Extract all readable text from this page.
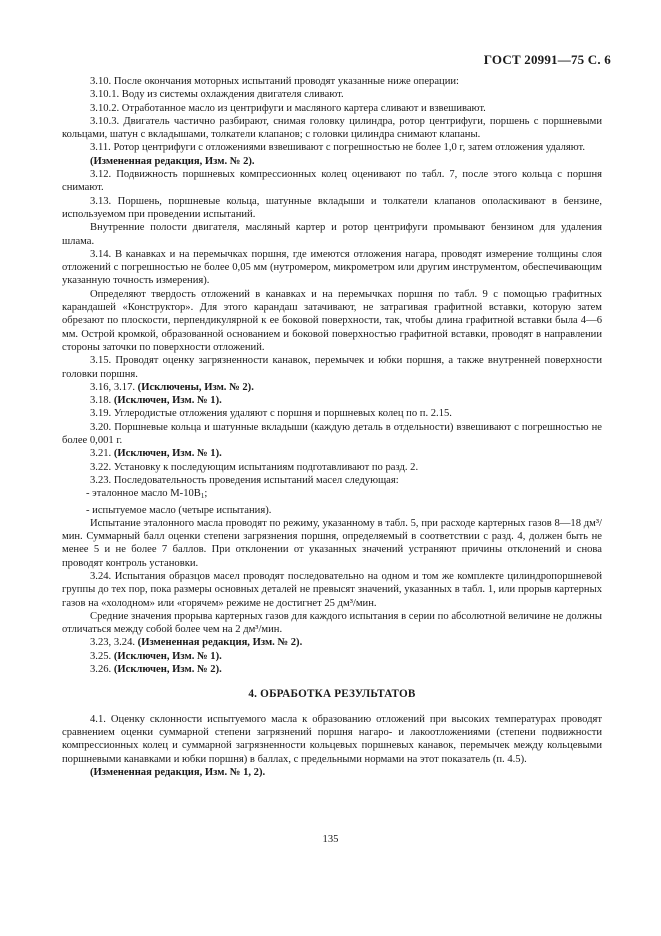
ГОСТ 20991—75 С. 6

3.10. После окончания моторных испытаний проводят указанные ниже операции:

3.10.1. Воду из системы охлаждения двигателя сливают.

3.10.2. Отработанное масло из центрифуги и масляного картера сливают и взвешивают.

3.10.3. Двигатель частично разбирают, снимая головку цилиндра, ротор центрифуги, поршень с поршневыми кольцами, шатун с вкладышами, толкатели клапанов; с головки цилиндра снимают клапаны.

3.11. Ротор центрифуги с отложениями взвешивают с погрешностью не более 1,0 г, затем отложения удаляют.

(Измененная редакция, Изм. № 2).

3.12. Подвижность поршневых компрессионных колец оценивают по табл. 7, после этого кольца с поршня снимают.

3.13. Поршень, поршневые кольца, шатунные вкладыши и толкатели клапанов ополаскивают в бензине, используемом при проведении испытаний.

Внутренние полости двигателя, масляный картер и ротор центрифуги промывают бензином для удаления шлама.

3.14. В канавках и на перемычках поршня, где имеются отложения нагара, проводят измерение толщины слоя отложений с погрешностью не более 0,05 мм (нутромером, микрометром или другим инструментом, обеспечивающим указанную точность измерения).

Определяют твердость отложений в канавках и на перемычках поршня по табл. 9 с помощью графитных карандашей «Конструктор». Для этого карандаш затачивают, не затрагивая графитной вставки, которую затем обрезают по плоскости, перпендикулярной к ее боковой поверхности, так, чтобы длина графитной вставки была 4—6 мм. Острой кромкой, образованной основанием и боковой поверхностью графитной вставки, проводят в направлении стороны заточки по поверхности отложений.

3.15. Проводят оценку загрязненности канавок, перемычек и юбки поршня, а также внутренней поверхности головки поршня.

3.16, 3.17. (Исключены, Изм. № 2).

3.18. (Исключен, Изм. № 1).

3.19. Углеродистые отложения удаляют с поршня и поршневых колец по п. 2.15.

3.20. Поршневые кольца и шатунные вкладыши (каждую деталь в отдельности) взвешивают с погрешностью не более 0,001 г.

3.21. (Исключен, Изм. № 1).

3.22. Установку к последующим испытаниям подготавливают по разд. 2.

3.23. Последовательность проведения испытаний масел следующая:

- эталонное масло $М-10В_1$;

- испытуемое масло (четыре испытания).

Испытание эталонного масла проводят по режиму, указанному в табл. 5, при расходе картерных газов 8—18 дм³/мин. Суммарный балл оценки степени загрязнения поршня, определяемый в соответствии с разд. 4, должен быть не менее 5 и не более 7 баллов. При отклонении от указанных значений устраняют причины отклонений и снова проводят контроль установки.

3.24. Испытания образцов масел проводят последовательно на одном и том же комплекте цилиндропоршневой группы до тех пор, пока размеры основных деталей не превысят значений, указанных в табл. 1, или прорыв картерных газов на «холодном» или «горячем» режиме не достигнет 25 дм³/мин.

Средние значения прорыва картерных газов для каждого испытания в серии по абсолютной величине не должны отличаться между собой более чем на 2 дм³/мин.

3.23, 3.24. (Измененная редакция, Изм. № 2).

3.25. (Исключен, Изм. № 1).

3.26. (Исключен, Изм. № 2).

4. ОБРАБОТКА РЕЗУЛЬТАТОВ

4.1. Оценку склонности испытуемого масла к образованию отложений при высоких температурах проводят сравнением оценки суммарной степени загрязнений поршня нагаро- и лакоотложениями (степени подвижности компрессионных колец и суммарной загрязненности кольцевых поршневых канавок, перемычек между кольцевыми поршневыми канавками и юбки поршня) в баллах, с предельными нормами на этот показатель (п. 4.5).

(Измененная редакция, Изм. № 1, 2).

135
